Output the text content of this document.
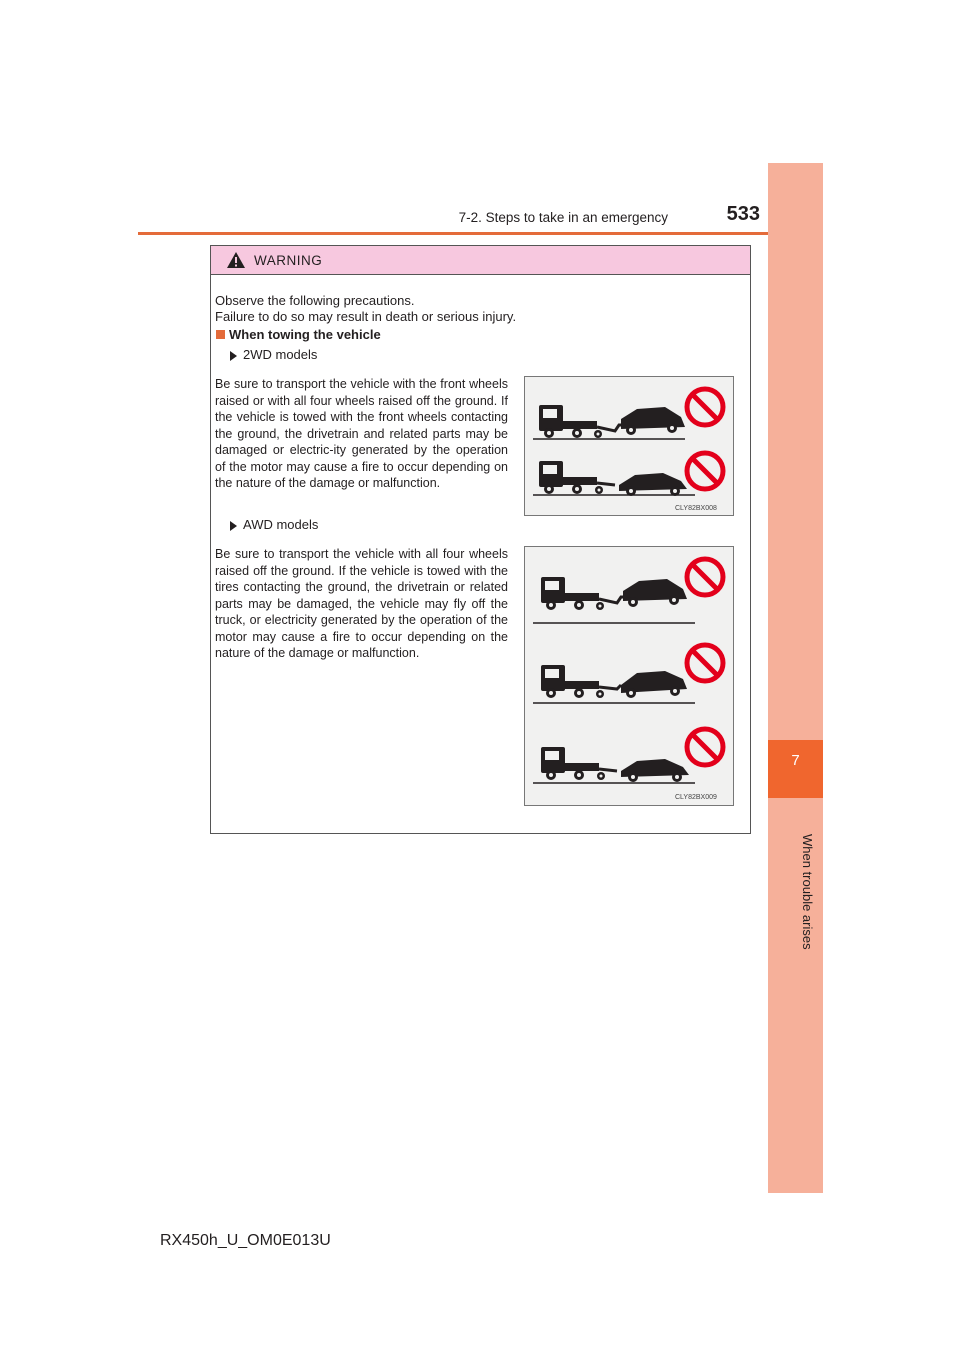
7-2. Steps to take in an emergency	533
7
WARNING
Observe the following precautions.
Failure to do so may result in death or serious injury.
When towing the vehicle
2WD models
Be sure to transport the vehicle with the front wheels raised or with all four wheels raised off the ground. If the vehicle is towed with the front wheels contacting the ground, the drivetrain and related parts may be damaged or electric-ity generated by the operation of the motor may cause a fire to occur depending on the nature of the damage or malfunction.
CLY82BX008
AWD models
Be sure to transport the vehicle with all four wheels raised off the ground. If the vehicle is towed with the tires contacting the ground, the drivetrain or related parts may be damaged, the vehicle may fly off the truck, or electricity generated by the operation of the motor may cause a fire to occur depending on the nature of the damage or malfunction.
CLY82BX009
RX450h_U_OM0E013U
